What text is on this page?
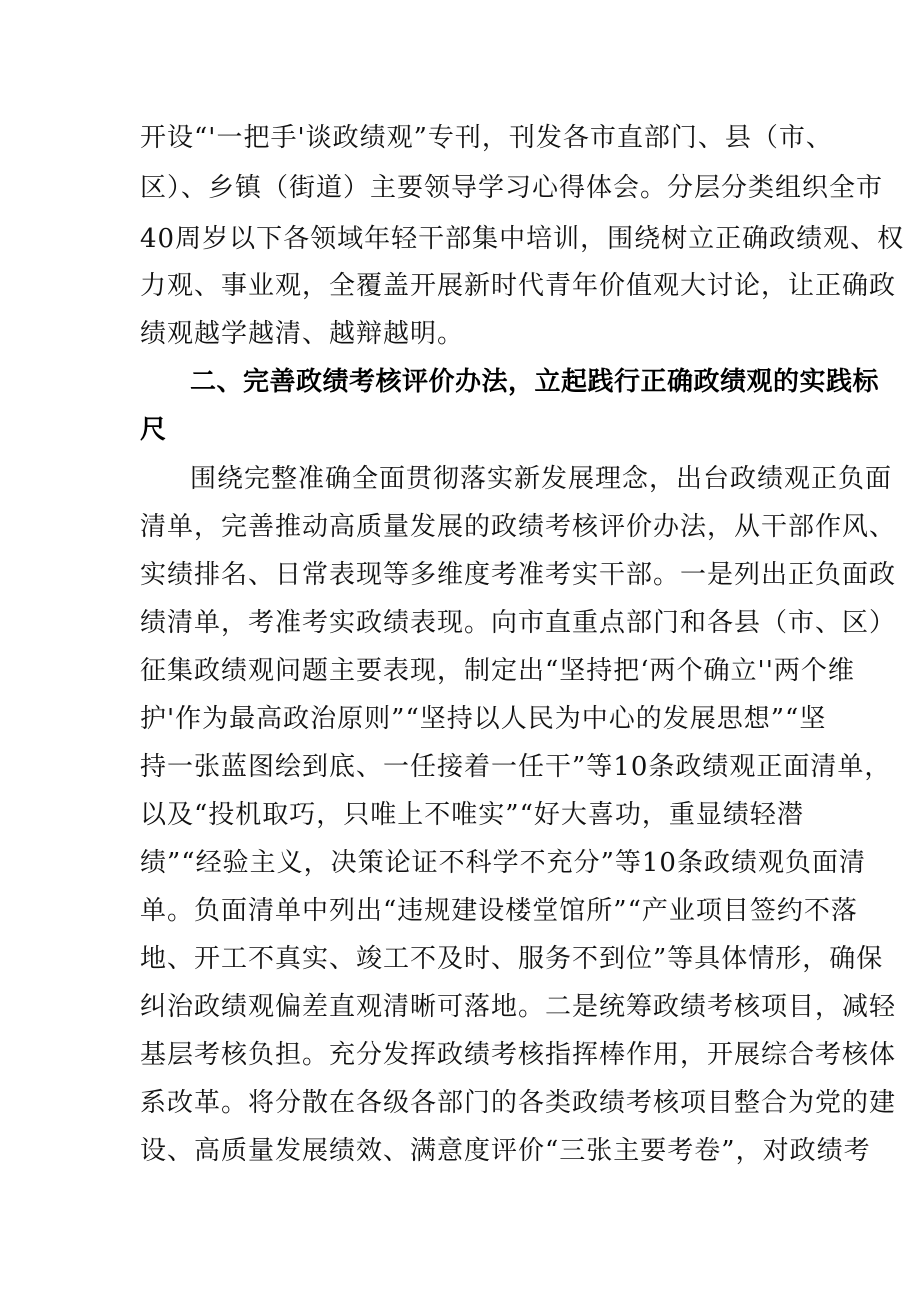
开设“'一把手'谈政绩观”专刊，刊发各市直部门、县（市、
区）、乡镇（街道）主要领导学习心得体会。分层分类组织全市
40周岁以下各领域年轻干部集中培训，围绕树立正确政绩观、权
力观、事业观，全覆盖开展新时代青年价值观大讨论，让正确政
绩观越学越清、越辩越明。
二、完善政绩考核评价办法，立起践行正确政绩观的实践标
尺
围绕完整准确全面贯彻落实新发展理念，出台政绩观正负面
清单，完善推动高质量发展的政绩考核评价办法，从干部作风、
实绩排名、日常表现等多维度考准考实干部。一是列出正负面政
绩清单，考准考实政绩表现。向市直重点部门和各县（市、区）
征集政绩观问题主要表现，制定出“坚持把‘两个确立''两个维
护'作为最高政治原则”“坚持以人民为中心的发展思想”“坚
持一张蓝图绘到底、一任接着一任干”等10条政绩观正面清单，
以及“投机取巧，只唯上不唯实”“好大喜功，重显绩轻潜
绩”“经验主义，决策论证不科学不充分”等10条政绩观负面清
单。负面清单中列出“违规建设楼堂馆所”“产业项目签约不落
地、开工不真实、竣工不及时、服务不到位”等具体情形，确保
纠治政绩观偏差直观清晰可落地。二是统筹政绩考核项目，减轻
基层考核负担。充分发挥政绩考核指挥棒作用，开展综合考核体
系改革。将分散在各级各部门的各类政绩考核项目整合为党的建
设、高质量发展绩效、满意度评价“三张主要考卷”，对政绩考
